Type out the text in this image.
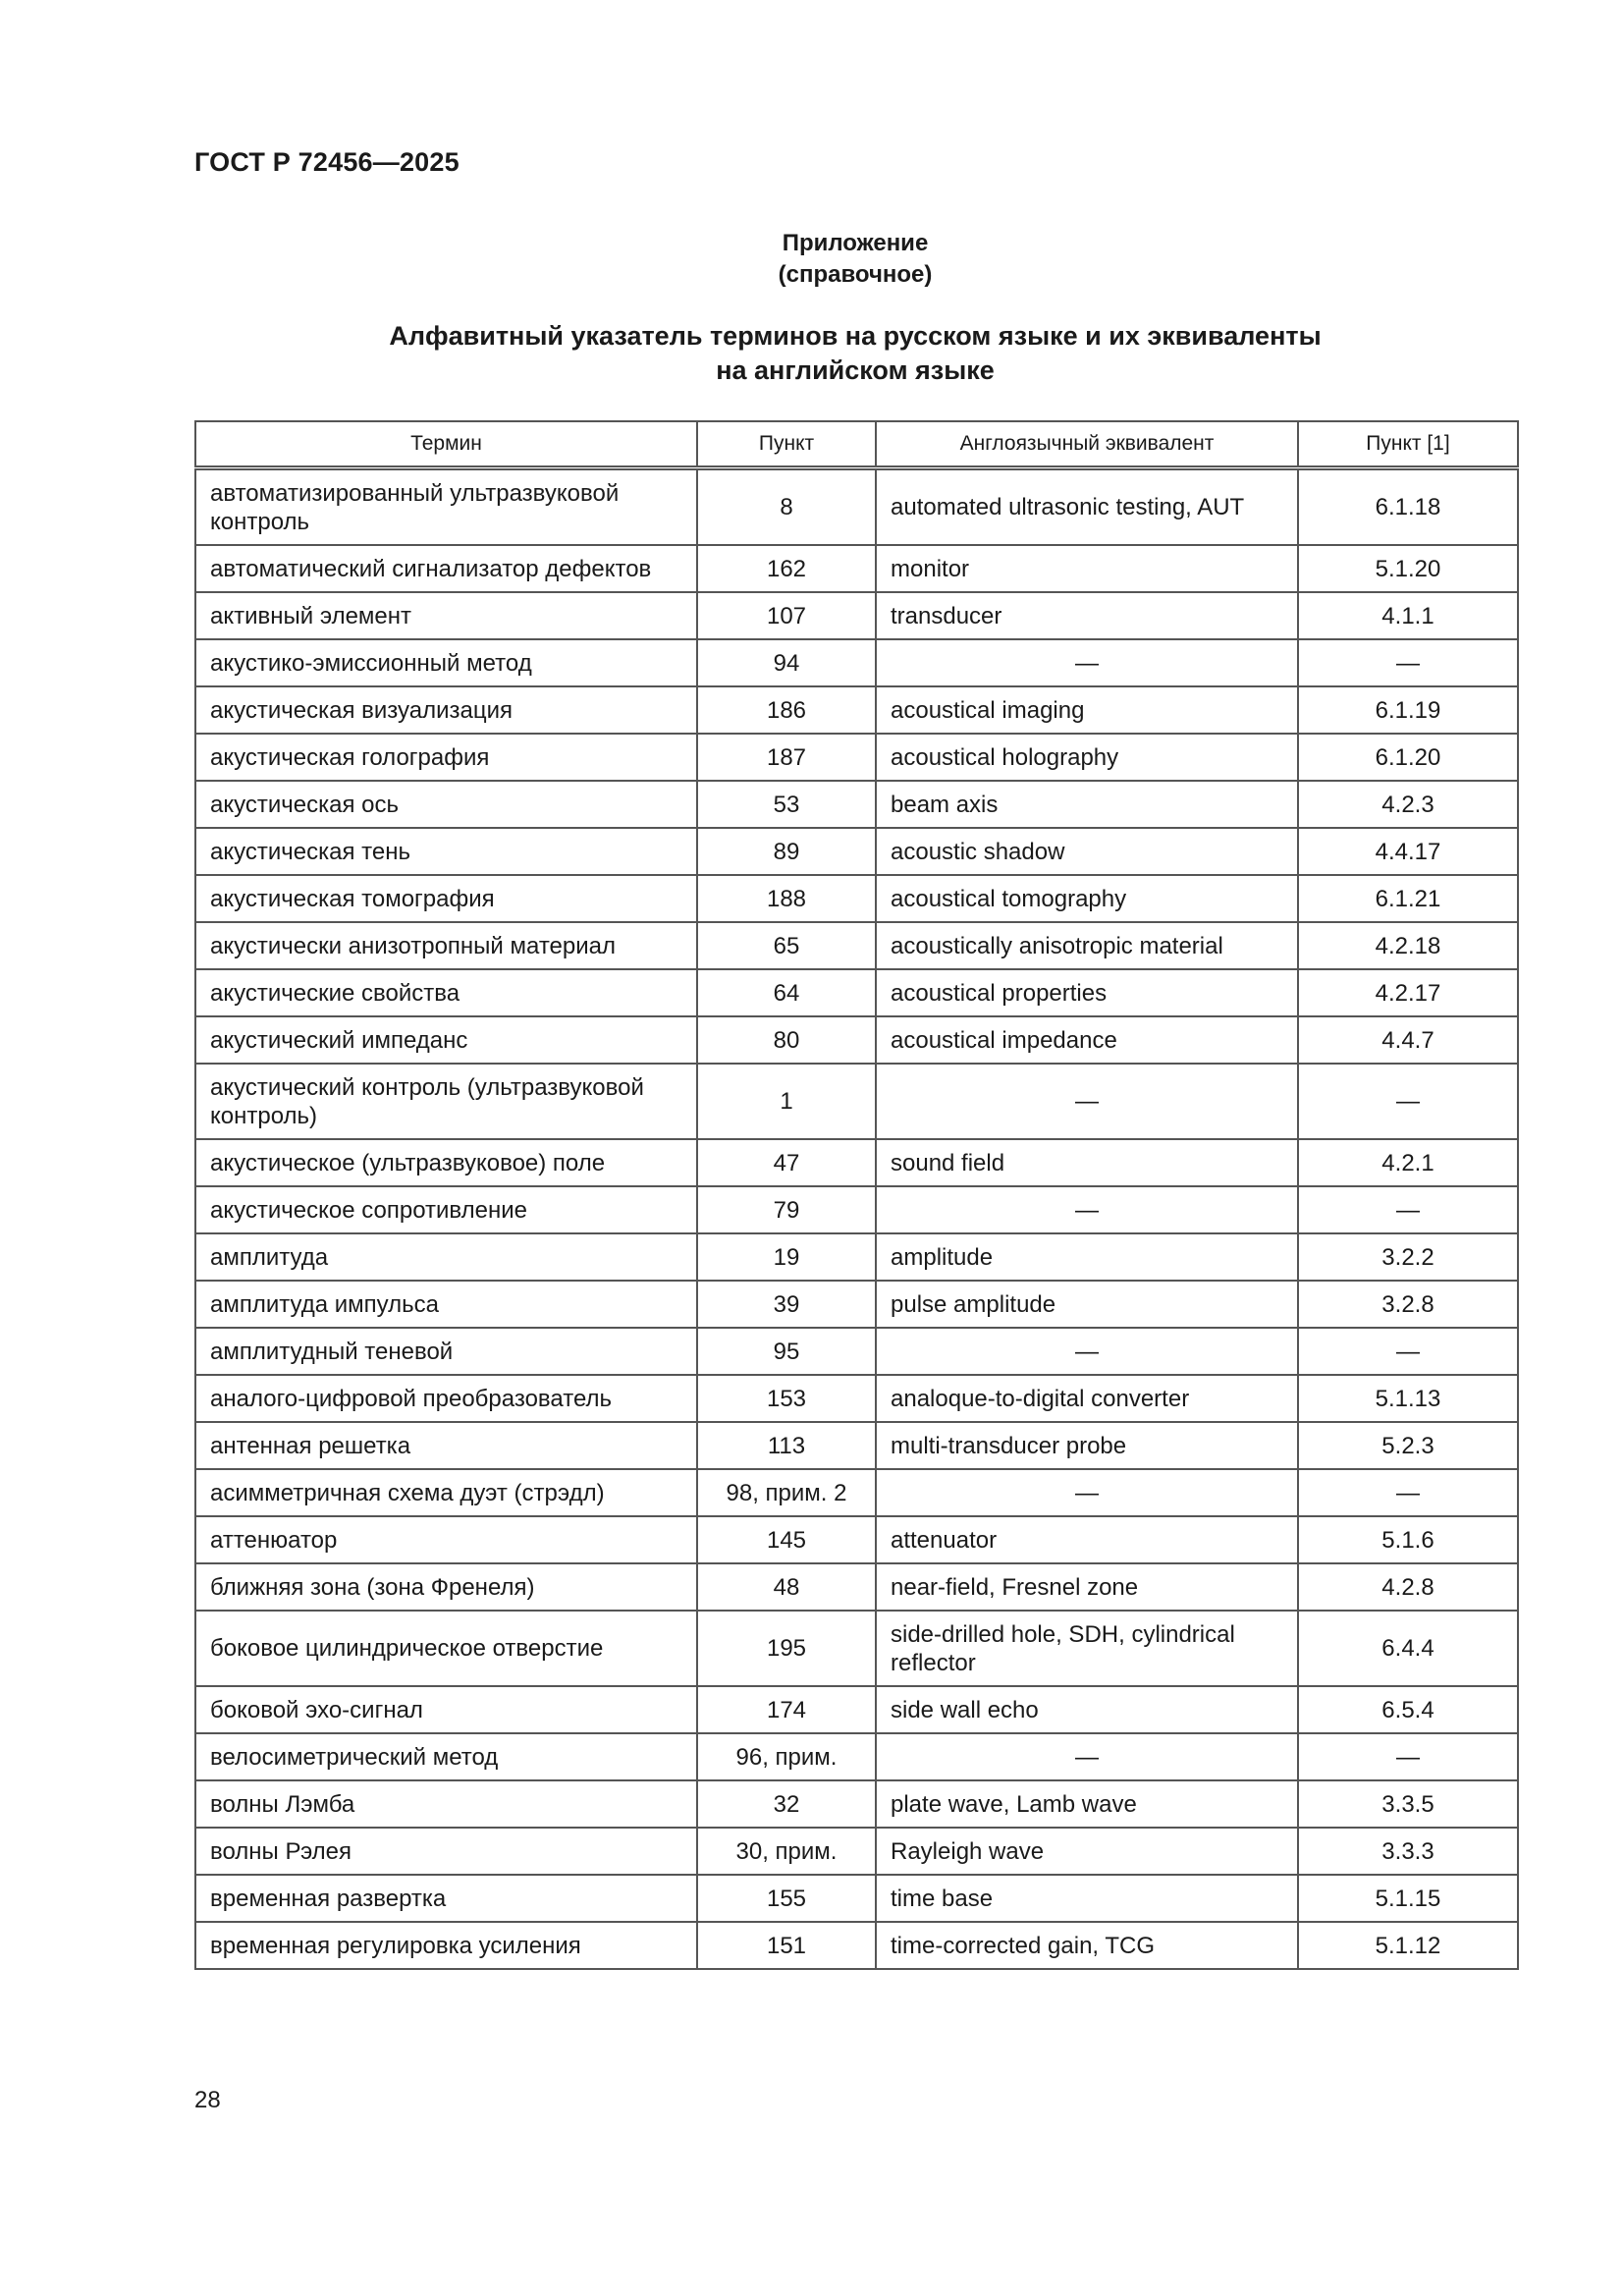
ГОСТ Р 72456—2025
Приложение
(справочное)
Алфавитный указатель терминов на русском языке и их эквиваленты
на английском языке
Термин	Пункт	Англоязычный эквивалент	Пункт [1]
автоматизированный ультразвуковой контроль	8	automated ultrasonic testing, AUT	6.1.18
автоматический сигнализатор дефектов	162	monitor	5.1.20
активный элемент	107	transducer	4.1.1
акустико-эмиссионный метод	94	—	—
акустическая визуализация	186	acoustical imaging	6.1.19
акустическая голография	187	acoustical holography	6.1.20
акустическая ось	53	beam axis	4.2.3
акустическая тень	89	acoustic shadow	4.4.17
акустическая томография	188	acoustical tomography	6.1.21
акустически анизотропный материал	65	acoustically anisotropic material	4.2.18
акустические свойства	64	acoustical properties	4.2.17
акустический импеданс	80	acoustical impedance	4.4.7
акустический контроль (ультразвуковой контроль)	1	—	—
акустическое (ультразвуковое) поле	47	sound field	4.2.1
акустическое сопротивление	79	—	—
амплитуда	19	amplitude	3.2.2
амплитуда импульса	39	pulse amplitude	3.2.8
амплитудный теневой	95	—	—
аналого-цифровой преобразователь	153	analoque-to-digital converter	5.1.13
антенная решетка	113	multi-transducer probe	5.2.3
асимметричная схема дуэт (стрэдл)	98, прим. 2	—	—
аттенюатор	145	attenuator	5.1.6
ближняя зона (зона Френеля)	48	near-field, Fresnel zone	4.2.8
боковое цилиндрическое отверстие	195	side-drilled hole, SDH, cylindrical reflector	6.4.4
боковой эхо-сигнал	174	side wall echo	6.5.4
велосиметрический метод	96, прим.	—	—
волны Лэмба	32	plate wave, Lamb wave	3.3.5
волны Рэлея	30, прим.	Rayleigh wave	3.3.3
временная развертка	155	time base	5.1.15
временная регулировка усиления	151	time-corrected gain, TCG	5.1.12
28
